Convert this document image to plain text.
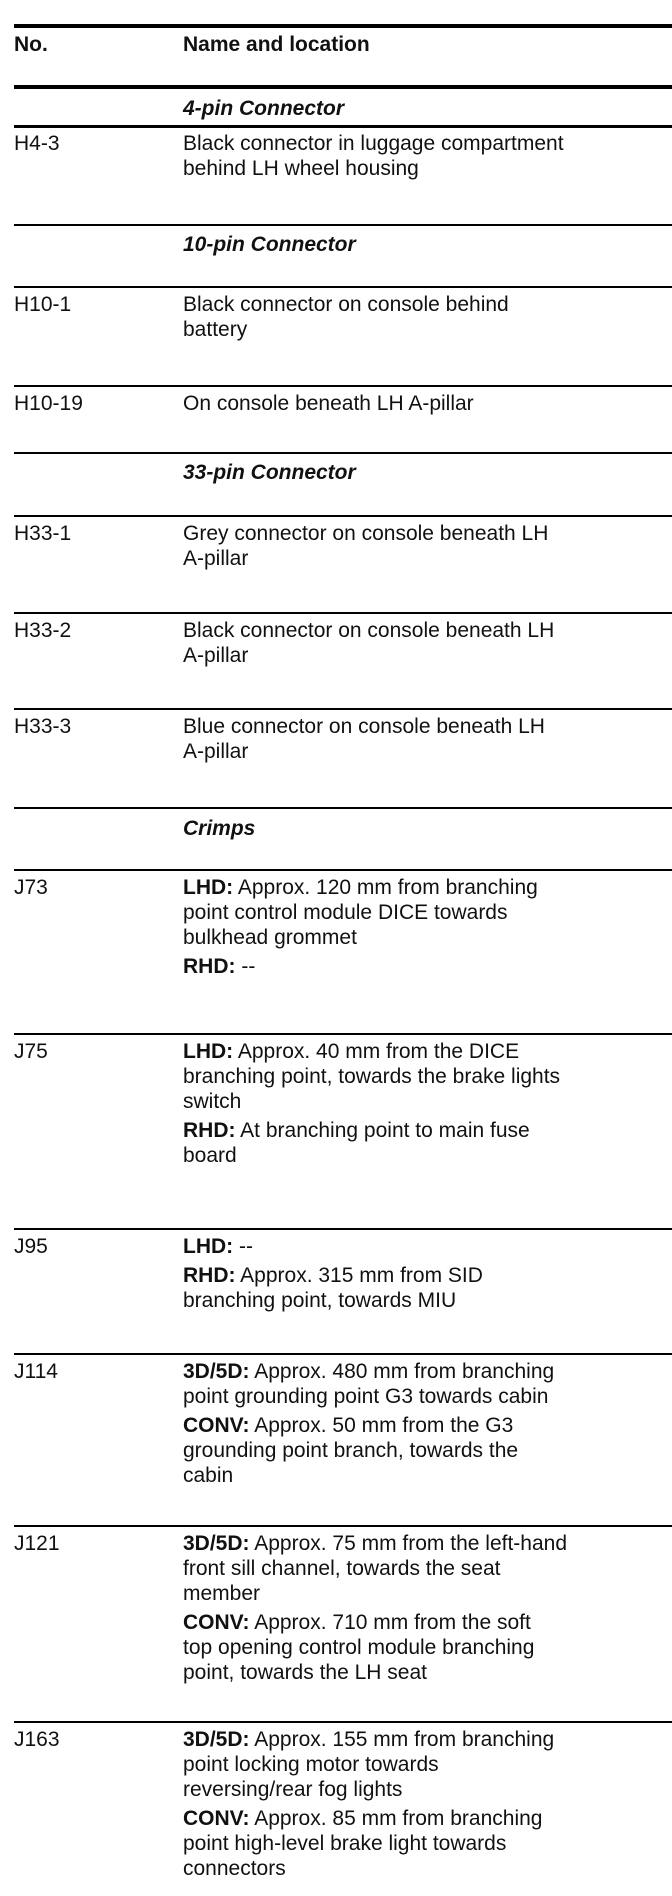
No.	Name and location
4-pin Connector
H4-3	Black connector in luggage compartment
behind LH wheel housing
10-pin Connector
H10-1	Black connector on console behind
battery
H10-19	On console beneath LH A-pillar
33-pin Connector
H33-1	Grey connector on console beneath LH
A-pillar
H33-2	Black connector on console beneath LH
A-pillar
H33-3	Blue connector on console beneath LH
A-pillar
Crimps
J73	LHD: Approx. 120 mm from branching
point control module DICE towards
bulkhead grommet
RHD: --
J75	LHD: Approx. 40 mm from the DICE
branching point, towards the brake lights
switch
RHD: At branching point to main fuse
board
J95	LHD: --
RHD: Approx. 315 mm from SID
branching point, towards MIU
J114	3D/5D: Approx. 480 mm from branching
point grounding point G3 towards cabin
CONV: Approx. 50 mm from the G3
grounding point branch, towards the
cabin
J121	3D/5D: Approx. 75 mm from the left-hand
front sill channel, towards the seat
member
CONV: Approx. 710 mm from the soft
top opening control module branching
point, towards the LH seat
J163	3D/5D: Approx. 155 mm from branching
point locking motor towards
reversing/rear fog lights
CONV: Approx. 85 mm from branching
point high-level brake light towards
connectors
